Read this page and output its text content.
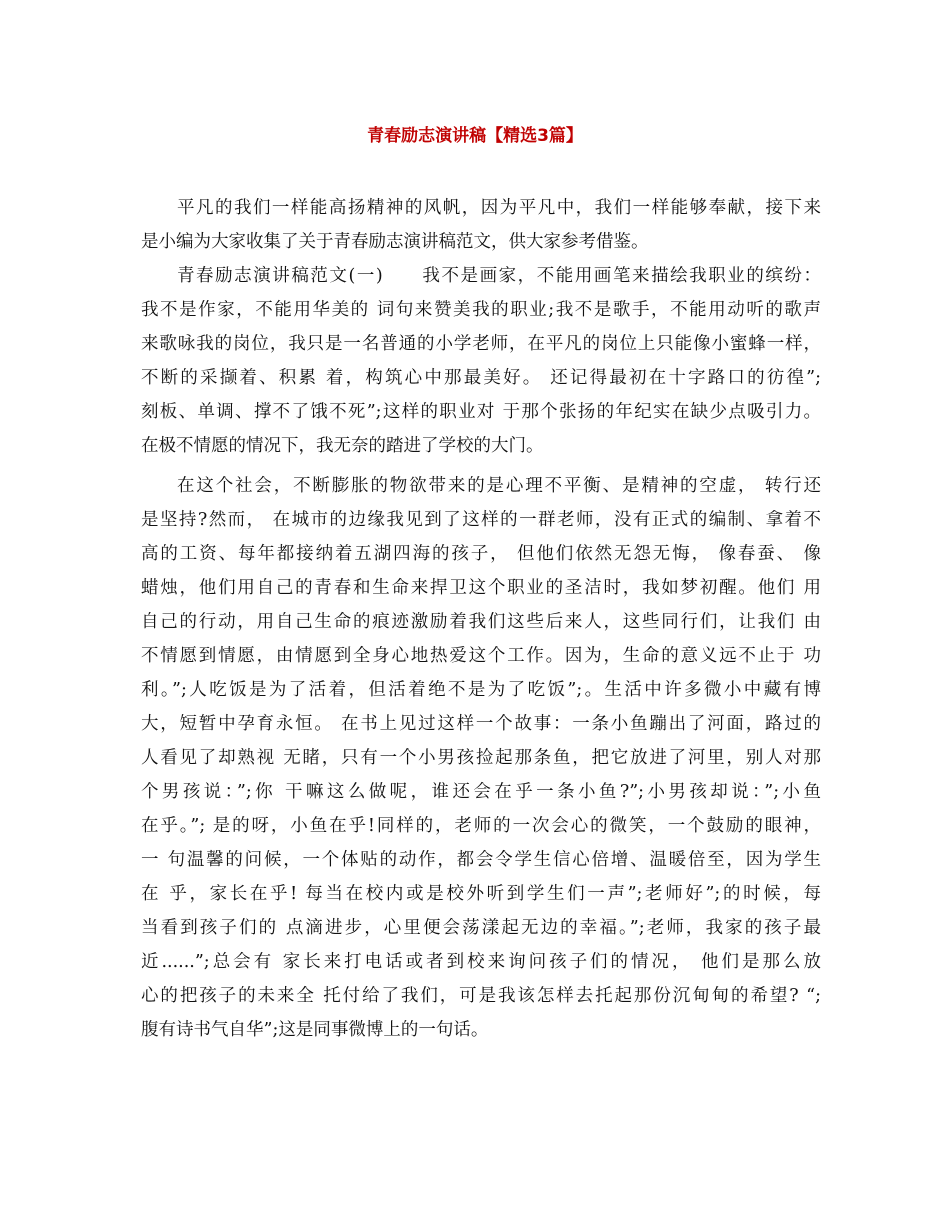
青春励志演讲稿【精选3篇】
平凡的我们一样能高扬精神的风帆，因为平凡中，我们一样能够奉献，接下来
是小编为大家收集了关于青春励志演讲稿范文，供大家参考借鉴。
青春励志演讲稿范文(一)　　我不是画家，不能用画笔来描绘我职业的缤纷：
我不是作家，不能用华美的 词句来赞美我的职业;我不是歌手，不能用动听的歌声
来歌咏我的岗位，我只是一名普通的小学老师，在平凡的岗位上只能像小蜜蜂一样，
不断的采撷着、积累 着，构筑心中那最美好。 还记得最初在十字路口的彷徨”;
刻板、单调、撑不了饿不死”;这样的职业对 于那个张扬的年纪实在缺少点吸引力。
在极不情愿的情况下，我无奈的踏进了学校的大门。
在这个社会，不断膨胀的物欲带来的是心理不平衡、是精神的空虚， 转行还
是坚持?然而， 在城市的边缘我见到了这样的一群老师，没有正式的编制、拿着不
高的工资、每年都接纳着五湖四海的孩子， 但他们依然无怨无悔， 像春蚕、 像
蜡烛，他们用自己的青春和生命来捍卫这个职业的圣洁时，我如梦初醒。他们 用
自己的行动，用自己生命的痕迹激励着我们这些后来人，这些同行们，让我们 由
不情愿到情愿，由情愿到全身心地热爱这个工作。因为，生命的意义远不止于 功
利。”;人吃饭是为了活着，但活着绝不是为了吃饭”;。生活中许多微小中藏有博
大，短暂中孕育永恒。 在书上见过这样一个故事：一条小鱼蹦出了河面，路过的
人看见了却熟视 无睹，只有一个小男孩捡起那条鱼，把它放进了河里，别人对那
个男孩说：”;你 干嘛这么做呢，谁还会在乎一条小鱼?”;小男孩却说：”;小鱼
在乎。”; 是的呀，小鱼在乎!同样的，老师的一次会心的微笑，一个鼓励的眼神，
一 句温馨的问候，一个体贴的动作，都会令学生信心倍增、温暖倍至，因为学生
在 乎，家长在乎! 每当在校内或是校外听到学生们一声”;老师好”;的时候，每
当看到孩子们的 点滴进步，心里便会荡漾起无边的幸福。”;老师，我家的孩子最
近......”;总会有 家长来打电话或者到校来询问孩子们的情况， 他们是那么放
心的把孩子的未来全 托付给了我们，可是我该怎样去托起那份沉甸甸的希望? “;
腹有诗书气自华”;这是同事微博上的一句话。
